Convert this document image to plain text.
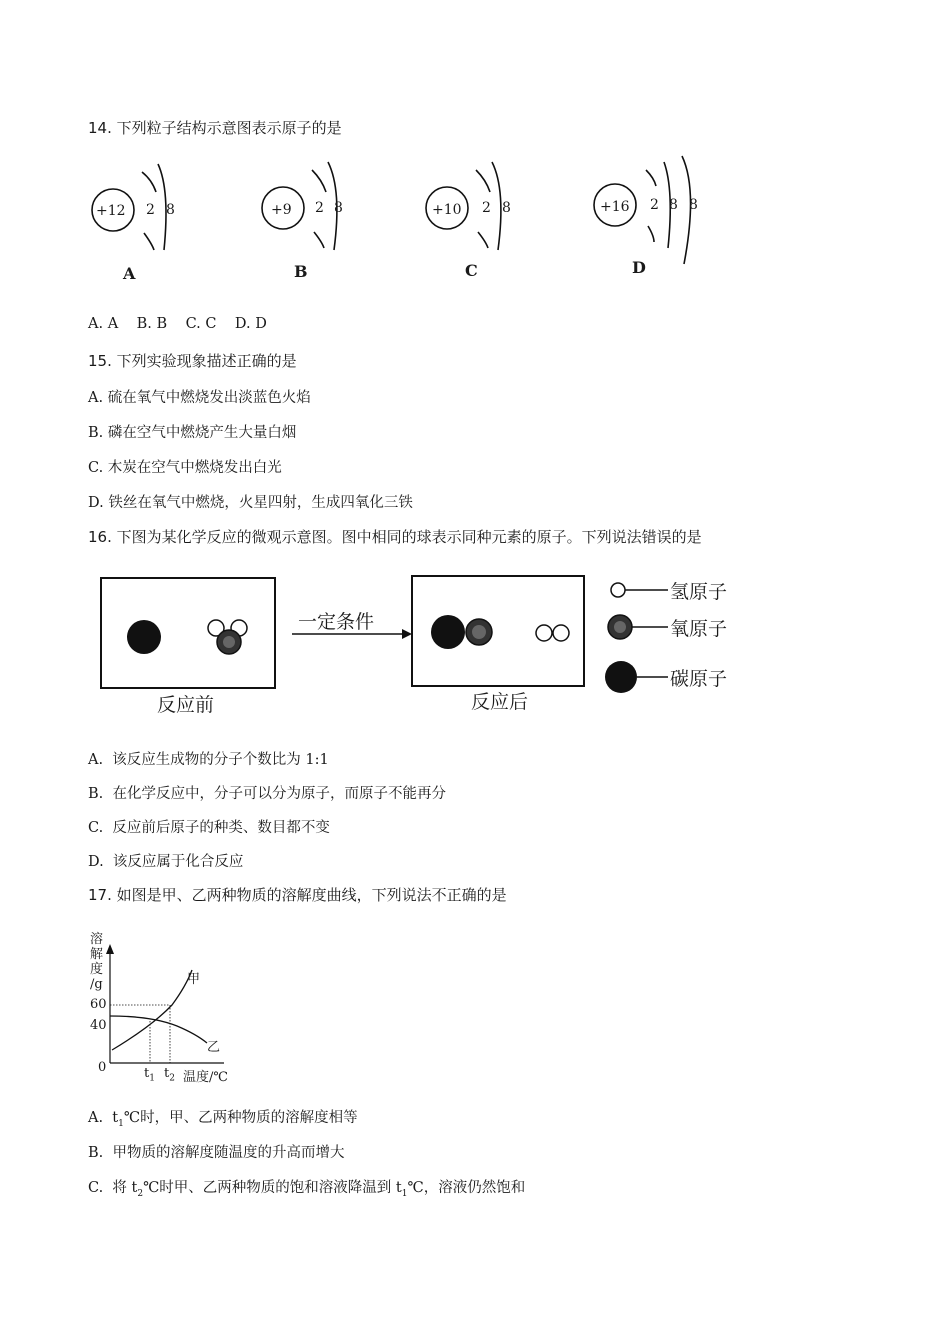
14. 下列粒子结构示意图表示原子的是
+12 2 8
A
+9 2 8
B
+10 2 8
C
+16 2 8 8
D
A. A    B. B    C. C    D. D
15. 下列实验现象描述正确的是
A. 硫在氧气中燃烧发出淡蓝色火焰
B. 磷在空气中燃烧产生大量白烟
C. 木炭在空气中燃烧发出白光
D. 铁丝在氧气中燃烧，火星四射，生成四氧化三铁
16. 下图为某化学反应的微观示意图。图中相同的球表示同种元素的原子。下列说法错误的是
一定条件
反应前	反应后
氢原子
氧原子
碳原子
A.  该反应生成物的分子个数比为 1:1
B.  在化学反应中，分子可以分为原子，而原子不能再分
C.  反应前后原子的种类、数目都不变
D.  该反应属于化合反应
17. 如图是甲、乙两种物质的溶解度曲线，下列说法不正确的是
溶
解
度
/g
60
40
0	$t_1$ $t_2$ 温度/℃
甲
乙
A.  $t_1℃$时，甲、乙两种物质的溶解度相等
B.  甲物质的溶解度随温度的升高而增大
C.  将 $t_2℃$时甲、乙两种物质的饱和溶液降温到 $t_1℃$，溶液仍然饱和
